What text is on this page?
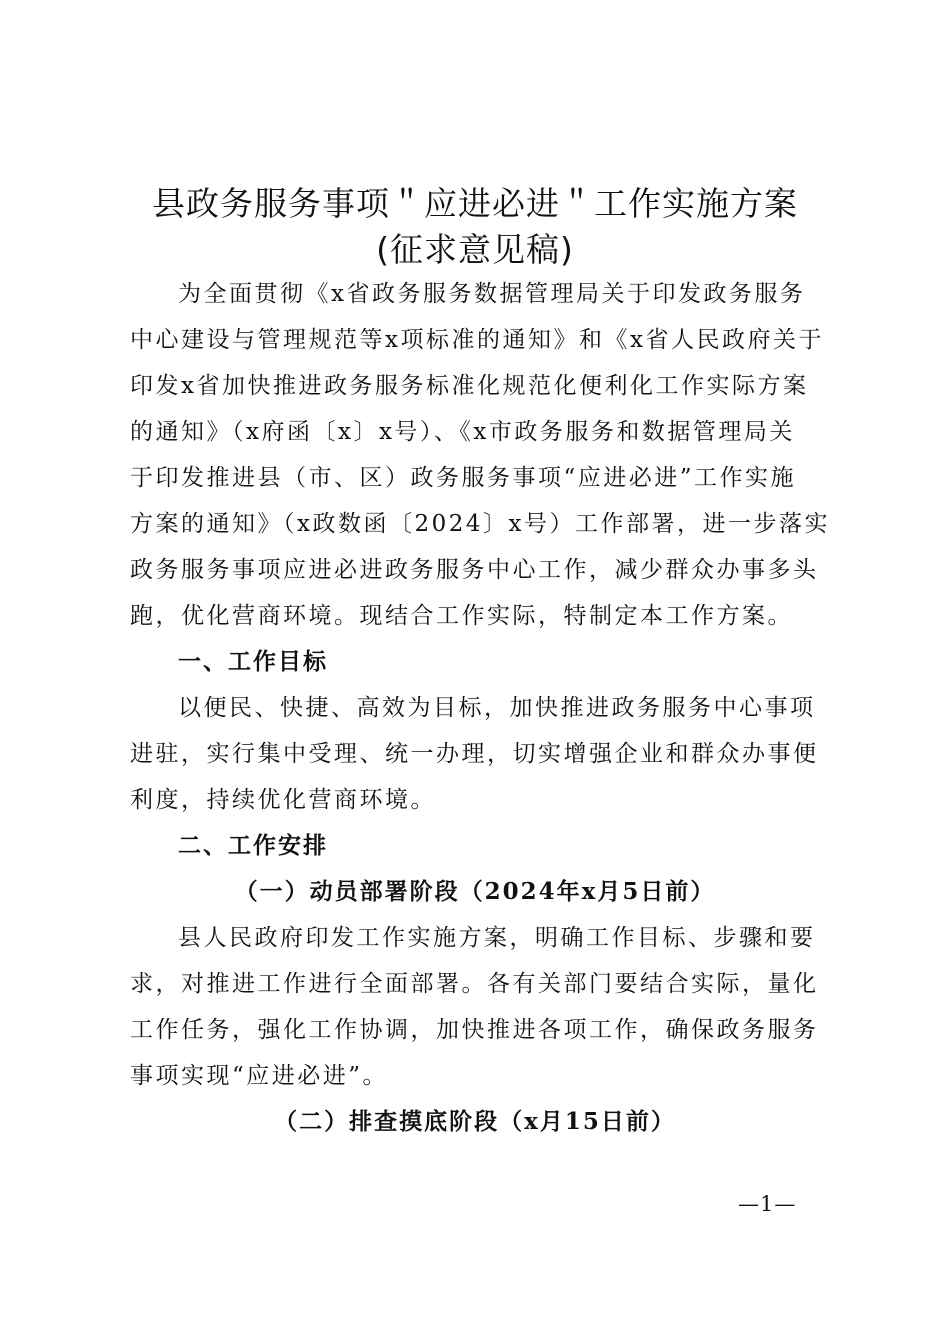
县政务服务事项＂应进必进＂工作实施方案
(征求意见稿)
为全面贯彻《x省政务服务数据管理局关于印发政务服务
中心建设与管理规范等x项标准的通知》和《x省人民政府关于
印发x省加快推进政务服务标准化规范化便利化工作实际方案
的通知》（x府函〔x〕x号）、《x市政务服务和数据管理局关
于印发推进县（市、区）政务服务事项“应进必进”工作实施
方案的通知》（x政数函〔2024〕x号）工作部署，进一步落实
政务服务事项应进必进政务服务中心工作，减少群众办事多头
跑，优化营商环境。现结合工作实际，特制定本工作方案。
一、工作目标
以便民、快捷、高效为目标，加快推进政务服务中心事项
进驻，实行集中受理、统一办理，切实增强企业和群众办事便
利度，持续优化营商环境。
二、工作安排
（一）动员部署阶段（2024年x月5日前）
县人民政府印发工作实施方案，明确工作目标、步骤和要
求，对推进工作进行全面部署。各有关部门要结合实际，量化
工作任务，强化工作协调，加快推进各项工作，确保政务服务
事项实现“应进必进”。
（二）排查摸底阶段（x月15日前）
—1—
